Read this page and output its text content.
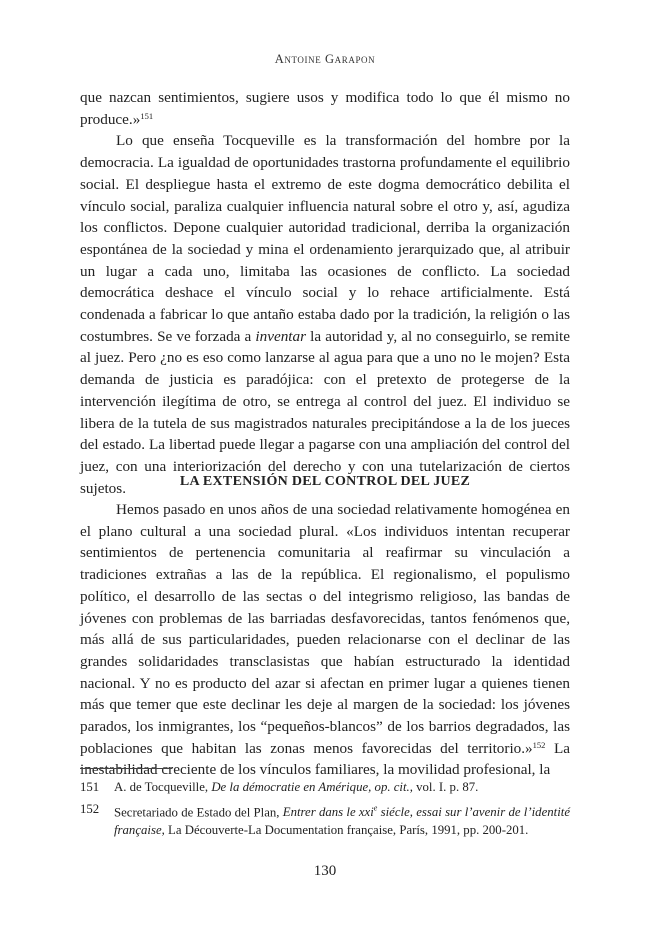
Antoine Garapon

que nazcan sentimientos, sugiere usos y modifica todo lo que él mismo no produce.»$^{151}$

Lo que enseña Tocqueville es la transformación del hombre por la democracia. La igualdad de oportunidades trastorna profundamente el equilibrio social. El despliegue hasta el extremo de este dogma democrático debilita el vínculo social, paraliza cualquier influencia natural sobre el otro y, así, agudiza los conflictos. Depone cualquier autoridad tradicional, derriba la organización espontánea de la sociedad y mina el ordenamiento jerarquizado que, al atribuir un lugar a cada uno, limitaba las ocasiones de conflicto. La sociedad democrática deshace el vínculo social y lo rehace artificialmente. Está condenada a fabricar lo que antaño estaba dado por la tradición, la religión o las costumbres. Se ve forzada a inventar la autoridad y, al no conseguirlo, se remite al juez. Pero ¿no es eso como lanzarse al agua para que a uno no le mojen? Esta demanda de justicia es paradójica: con el pretexto de protegerse de la intervención ilegítima de otro, se entrega al control del juez. El individuo se libera de la tutela de sus magistrados naturales precipitándose a la de los jueces del estado. La libertad puede llegar a pagarse con una ampliación del control del juez, con una interiorización del derecho y con una tutelarización de ciertos sujetos.	LA EXTENSIÓN DEL CONTROL DEL JUEZ

Hemos pasado en unos años de una sociedad relativamente homogénea en el plano cultural a una sociedad plural. «Los individuos intentan recuperar sentimientos de pertenencia comunitaria al reafirmar su vinculación a tradiciones extrañas a las de la república. El regionalismo, el populismo político, el desarrollo de las sectas o del integrismo religioso, las bandas de jóvenes con problemas de las barriadas desfavorecidas, tantos fenómenos que, más allá de sus particularidades, pueden relacionarse con el declinar de las grandes solidaridades transclasistas que habían estructurado la identidad nacional. Y no es producto del azar si afectan en primer lugar a quienes tienen más que temer que este declinar les deje al margen de la sociedad: los jóvenes parados, los inmigrantes, los “pequeños-blancos” de los barrios degradados, las poblaciones que habitan las zonas menos favorecidas del territorio.»$^{152}$ La inestabilidad creciente de los vínculos familiares, la movilidad profesional, la

151	A. de Tocqueville, De la démocratie en Amérique, op. cit., vol. I. p. 87.
152	Secretariado de Estado del Plan, Entrer dans le xxi$^e$ siécle, essai sur l’avenir de l’identité française, La Découverte-La Documentation française, París, 1991, pp. 200-201.
130
